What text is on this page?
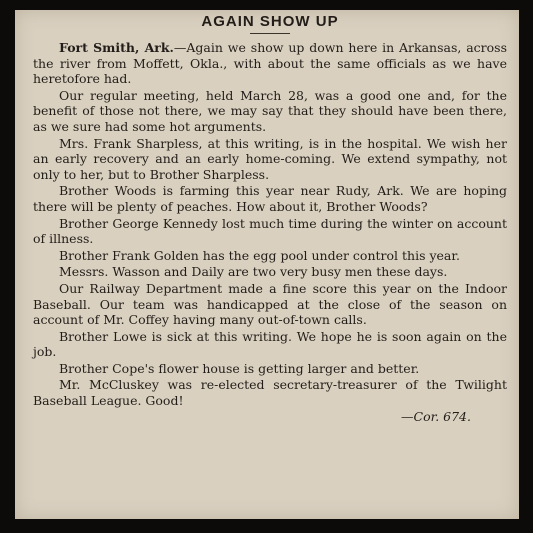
AGAIN SHOW UP

Fort Smith, Ark.—Again we show up down here in Arkansas, across the river from Moffett, Okla., with about the same officials as we have heretofore had.

Our regular meeting, held March 28, was a good one and, for the benefit of those not there, we may say that they should have been there, as we sure had some hot arguments.

Mrs. Frank Sharpless, at this writing, is in the hospital. We wish her an early recovery and an early home-coming. We extend sympathy, not only to her, but to Brother Sharpless.

Brother Woods is farming this year near Rudy, Ark. We are hoping there will be plenty of peaches. How about it, Brother Woods?

Brother George Kennedy lost much time during the winter on account of illness.

Brother Frank Golden has the egg pool under control this year.

Messrs. Wasson and Daily are two very busy men these days.

Our Railway Department made a fine score this year on the Indoor Baseball. Our team was handicapped at the close of the season on account of Mr. Coffey having many out-of-town calls.

Brother Lowe is sick at this writing. We hope he is soon again on the job.

Brother Cope's flower house is getting larger and better.

Mr. McCluskey was re-elected secretary-treasurer of the Twilight Baseball League. Good!

—Cor. 674.
